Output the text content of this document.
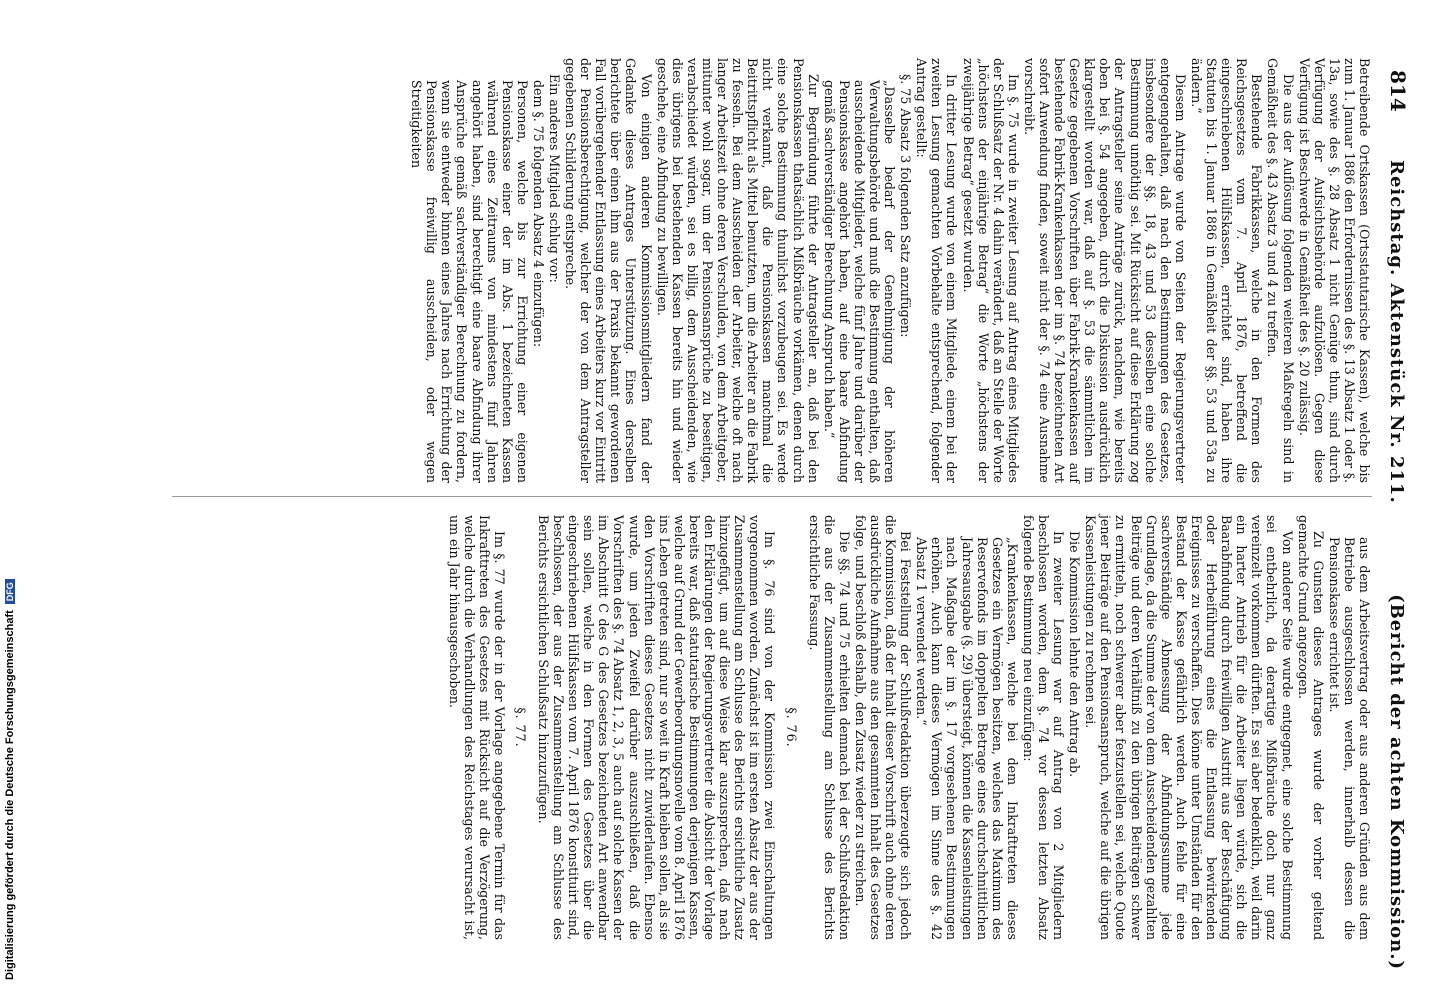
814
Reichstag. Aktenstück Nr. 211.
(Bericht der achten Kommission.)

Betreibende Ortskassen (Ortsstatutarische Kassen), welche bis zum 1. Januar 1886 den Erfordernissen des §. 13 Absatz 1 oder §. 13a, sowie des §. 28 Absatz 1 nicht Genüge thun, sind durch Verfügung der Aufsichtsbehörde aufzulösen. Gegen diese Verfügung ist Beschwerde in Gemäßheit des §. 20 zulässig.

Die aus der Auflösung folgenden weiteren Maßregeln sind in Gemäßheit des §. 43 Absatz 3 und 4 zu treffen.

Bestehende Fabrikkassen, welche in den Formen des Reichsgesetzes vom 7. April 1876, betreffend die eingeschriebenen Hülfskassen, errichtet sind, haben ihre Statuten bis 1. Januar 1886 in Gemäßheit der §§. 53 und 53a zu ändern.“

Diesem Antrage wurde von Seiten der Regierungsvertreter entgegengehalten, daß nach den Bestimmungen des Gesetzes, insbesondere der §§. 18, 43 und 53 desselben eine solche Bestimmung unnöthig sei. Mit Rücksicht auf diese Erklärung zog der Antragsteller seine Anträge zurück, nachdem, wie bereits oben bei §. 54 angegeben, durch die Diskussion ausdrücklich klargestellt worden war, daß auf §. 53 die sämmtlichen im Gesetze gegebenen Vorschriften über Fabrik-Krankenkassen auf bestehende Fabrik-Krankenkassen der im §. 74 bezeichneten Art sofort Anwendung finden, soweit nicht der §. 74 eine Ausnahme vorschreibt.

Im §. 75 wurde in zweiter Lesung auf Antrag eines Mitgliedes der Schlußsatz der Nr. 4 dahin verändert, daß an Stelle der Worte „höchstens der einjährige Betrag“ die Worte „höchstens der zweijährige Betrag“ gesetzt wurden.

In dritter Lesung wurde von einem Mitgliede, einem bei der zweiten Lesung gemachten Vorbehalte entsprechend, folgender Antrag gestellt:

§. 75 Absatz 3 folgenden Satz anzufügen:

„Dasselbe bedarf der Genehmigung der höheren Verwaltungsbehörde und muß die Bestimmung enthalten, daß ausscheidende Mitglieder, welche fünf Jahre und darüber der Pensionskasse angehört haben, auf eine baare Abfindung gemäß sachverständiger Berechnung Anspruch haben.“

Zur Begründung führte der Antragsteller an, daß bei den Pensionskassen thatsächlich Mißbräuche vorkämen, denen durch eine solche Bestimmung thunlichst vorzubeugen sei. Es werde nicht verkannt, daß die Pensionskassen manchmal die Beitrittspflicht als Mittel benutzten, um die Arbeiter an die Fabrik zu fesseln. Bei dem Ausscheiden der Arbeiter, welche oft nach langer Arbeitszeit ohne deren Verschulden, von dem Arbeitgeber, mitunter wohl sogar, um der Pensionsansprüche zu beseitigen, verabschiedet würden, sei es billig, dem Ausscheidenden, wie dies übrigens bei bestehenden Kassen bereits hin und wieder geschehe, eine Abfindung zu bewilligen.

Von einigen anderen Kommissionsmitgliedern fand der Gedanke dieses Antrages Unterstützung. Eines derselben berichtete über einen ihm aus der Praxis bekannt gewordenen Fall vorübergehender Entlassung eines Arbeiters kurz vor Eintritt der Pensionsberechtigung, welcher der von dem Antragsteller gegebenen Schilderung entspreche.

Ein anderes Mitglied schlug vor:

dem §. 75 folgenden Absatz 4 einzufügen:

Personen, welche bis zur Errichtung einer eigenen Pensionskasse einer der im Abs. 1 bezeichneten Kassen während eines Zeitraums von mindestens fünf Jahren angehört haben, sind berechtigt eine baare Abfindung ihrer Ansprüche gemäß sachverständiger Berechnung zu fordern, wenn sie entweder binnen eines Jahres nach Errichtung der Pensionskasse freiwillig ausscheiden, oder wegen Streitigkeiten

aus dem Arbeitsvertrag oder aus anderen Gründen aus dem Betriebe ausgeschlossen werden, innerhalb dessen die Pensionskasse errichtet ist.

Zu Gunsten dieses Antrages wurde der vorher geltend gemachte Grund angezogen.

Von anderer Seite wurde entgegnet, eine solche Bestimmung sei entbehrlich, da derartige Mißbräuche doch nur ganz vereinzelt vorkommen dürften. Es sei aber bedenklich, weil darin ein harter Antrieb für die Arbeiter liegen würde, sich die Baarabfindung durch freiwilligen Austritt aus der Beschäftigung oder Herbeiführung eines die Entlassung bewirkenden Ereignisses zu verschaffen. Dies könne unter Umständen für den Bestand der Kasse gefährlich werden. Auch fehle für eine sachverständige Abmessung der Abfindungssumme jede Grundlage, da die Summe der von dem Ausscheidenden gezahlten Beiträge und deren Verhältniß zu den übrigen Beiträgen schwer zu ermitteln, noch schwerer aber festzustellen sei, welche Quote jener Beiträge auf den Pensionsanspruch, welche auf die übrigen Kassenleistungen zu rechnen sei.

Die Kommission lehnte den Antrag ab.

In zweiter Lesung war auf Antrag von 2 Mitgliedern beschlossen worden, dem §. 74 vor dessen letzten Absatz folgende Bestimmung neu einzufügen:

„Krankenkassen, welche bei dem Inkrafttreten dieses Gesetzes ein Vermögen besitzen, welches das Maximum des Reservefonds im doppelten Betrage eines durchschnittlichen Jahresausgabe (§. 29) übersteigt, können die Kassenleistungen nach Maßgabe der im §. 17 vorgesehenen Bestimmungen erhöhen. Auch kann dieses Vermögen im Sinne des §. 42 Absatz 1 verwendet werden.“

Bei Feststellung der Schlußredaktion überzeugte sich jedoch die Kommission, daß der Inhalt dieser Vorschrift auch ohne deren ausdrückliche Aufnahme aus den gesammten Inhalt des Gesetzes folge, und beschloß deshalb, den Zusatz wieder zu streichen.

Die §§. 74 und 75 erhielten demnach bei der Schlußredaktion die aus der Zusammenstellung am Schlusse des Berichts ersichtliche Fassung.

§. 76.

Im §. 76 sind von der Kommission zwei Einschaltungen vorgenommen worden. Zunächst ist im ersten Absatz der aus der Zusammenstellung am Schlusse des Berichts ersichtliche Zusatz hinzugefügt, um auf diese Weise klar auszusprechen, daß nach den Erklärungen der Regierungsvertreter die Absicht der Vorlage bereits war, daß statutarische Bestimmungen derjenigen Kassen, welche auf Grund der Gewerbeordnungsnovelle vom 8. April 1876 ins Leben getreten sind, nur so weit in Kraft bleiben sollen, als sie den Vorschriften dieses Gesetzes nicht zuwiderlaufen. Ebenso wurde, um jeden Zweifel darüber auszuschließen, daß die Vorschriften des §. 74 Absatz 1, 2, 3, 5 auch auf solche Kassen der im Abschnitt C des G des Gesetzes bezeichneten Art anwendbar sein sollen, welche in den Formen des Gesetzes über die eingeschriebenen Hülfskassen vom 7. April 1876 konstituirt sind, beschlossen, der aus der Zusammenstellung am Schlusse des Berichts ersichtlichen Schlußsatz hinzuzufügen.

§. 77.

Im §. 77 wurde der in der Vorlage angegebene Termin für das Inkrafttreten des Gesetzes mit Rücksicht auf die Verzögerung, welche durch die Verhandlungen des Reichstages verursacht ist, um ein Jahr hinausgeschoben.

Digitalisierung gefördert durch die Deutsche ForschungsgemeinschaftDFG
